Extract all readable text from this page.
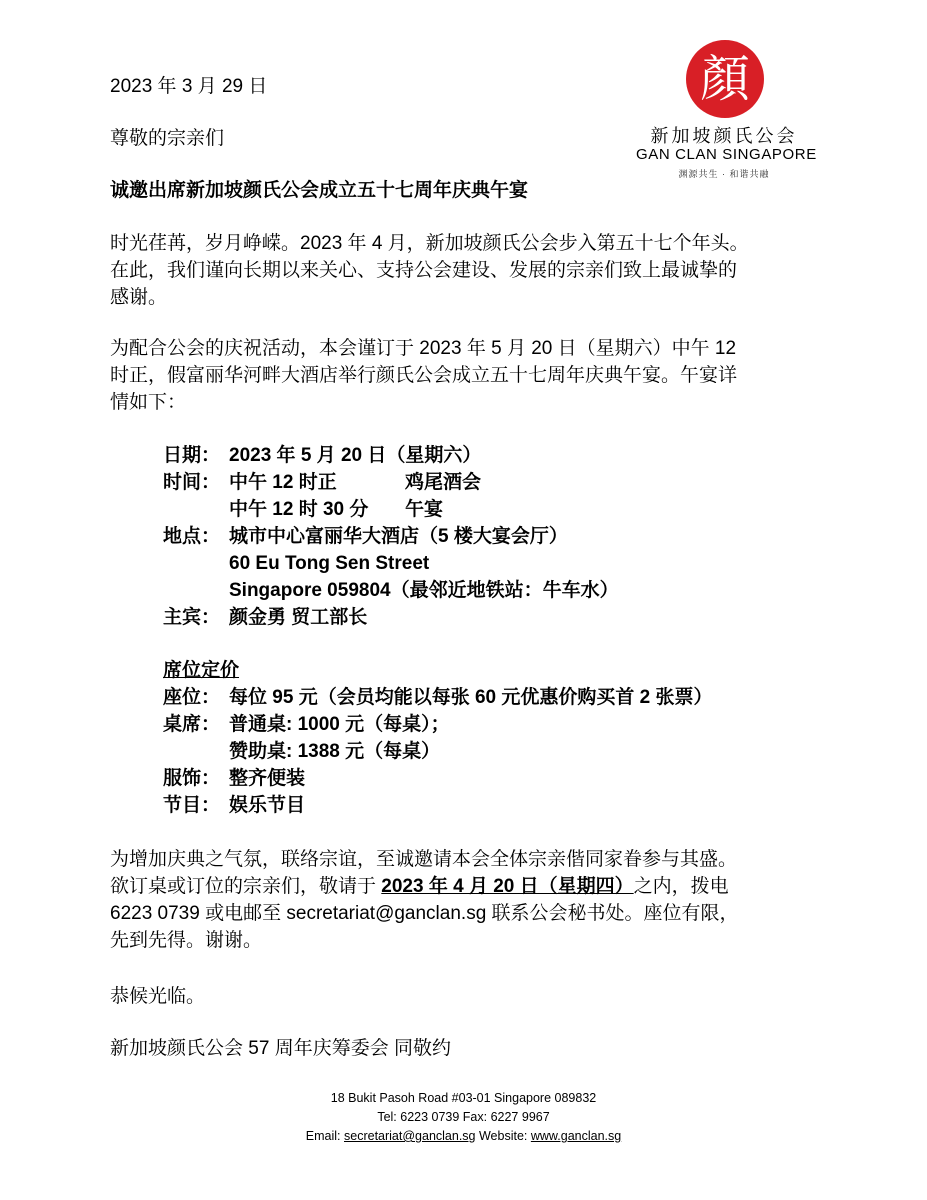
顏
新加坡颜氏公会
GAN CLAN SINGAPORE
渊源共生 · 和谐共融
2023 年 3 月 29 日
尊敬的宗亲们
诚邀出席新加坡颜氏公会成立五十七周年庆典午宴
时光荏苒，岁月峥嵘。2023 年 4 月，新加坡颜氏公会步入第五十七个年头。
在此，我们谨向长期以来关心、支持公会建设、发展的宗亲们致上最诚挚的
感谢。
为配合公会的庆祝活动，本会谨订于 2023 年 5 月 20 日（星期六）中午 12
时正，假富丽华河畔大酒店举行颜氏公会成立五十七周年庆典午宴。午宴详
情如下：
日期： 2023 年 5 月 20 日（星期六）
时间： 中午 12 时正	鸡尾酒会
中午 12 时 30 分 午宴
地点： 城市中心富丽华大酒店（5 楼大宴会厅）
60 Eu Tong Sen Street
Singapore 059804（最邻近地铁站：牛车水）
主宾： 颜金勇 贸工部长
席位定价
座位： 每位 95 元（会员均能以每张 60 元优惠价购买首 2 张票）
桌席： 普通桌: 1000 元（每桌）；
赞助桌: 1388 元（每桌）
服饰： 整齐便装
节目： 娱乐节目
为增加庆典之气氛，联络宗谊，至诚邀请本会全体宗亲偕同家眷参与其盛。
欲订桌或订位的宗亲们，敬请于 2023 年 4 月 20 日（星期四）之内，拨电
6223 0739 或电邮至 secretariat@ganclan.sg 联系公会秘书处。座位有限，
先到先得。谢谢。
恭候光临。
新加坡颜氏公会 57 周年庆筹委会 同敬约
18 Bukit Pasoh Road #03-01 Singapore 089832
Tel: 6223 0739 Fax: 6227 9967
Email: secretariat@ganclan.sg Website: www.ganclan.sg
